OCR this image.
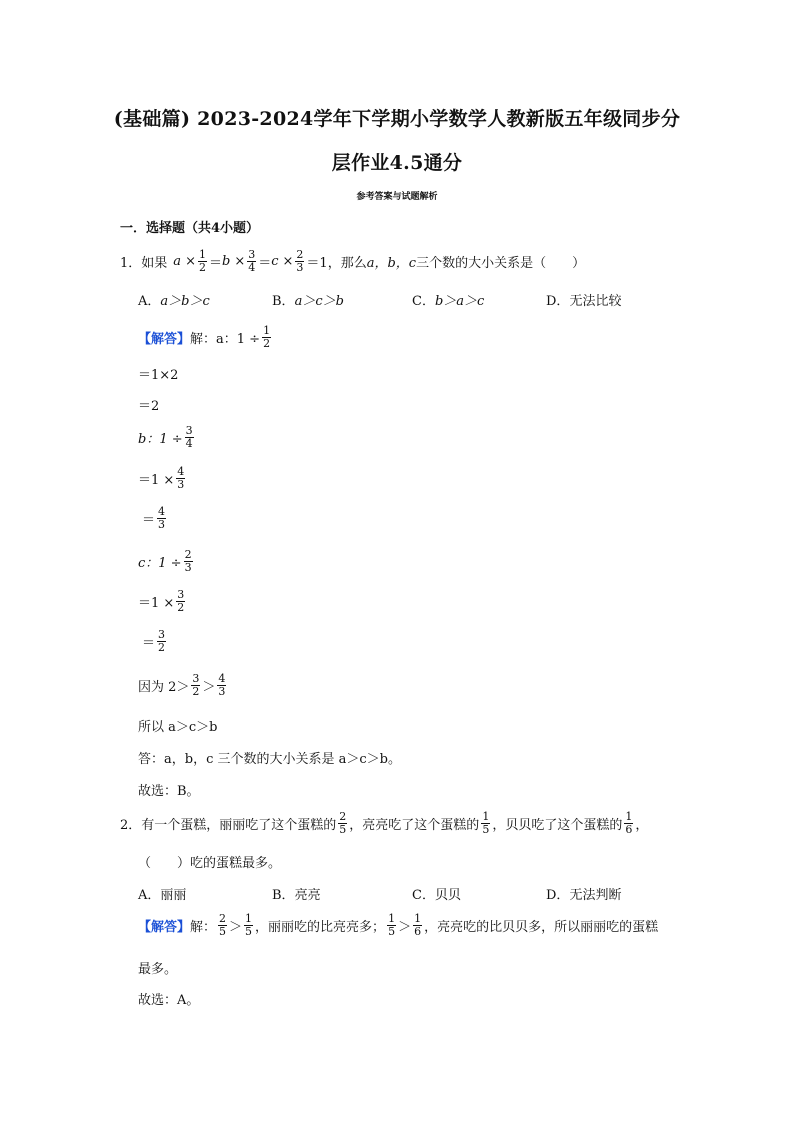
(基础篇) 2023-2024学年下学期小学数学人教新版五年级同步分
层作业4.5通分
参考答案与试题解析
一．选择题（共4小题）
1． 如果 $a \times \frac{1}{2} = b \times \frac{3}{4} = c \times \frac{2}{3} =1$，那么 a，b，c 三个数的大小关系是（　　）
A．a＞b＞c	B．a＞c＞b	C．b＞a＞c	D．无法比较
【解答】 解： a：$1 \div \frac{1}{2}$
＝1×2
＝2
b：$1 \div \frac{3}{4}$
$=1 \times \frac{4}{3}$
＝ $\frac{4}{3}$
c：$1 \div \frac{2}{3}$
$=1 \times \frac{3}{2}$
＝ $\frac{3}{2}$
因为 $2> \frac{3}{2} > \frac{4}{3}$
所以 a＞c＞b
答：a，b，c 三个数的大小关系是 a＞c＞b。
故选：B。
2． 有一个蛋糕，丽丽吃了这个蛋糕的 $\frac{2}{5}$ ，亮亮吃了这个蛋糕的 $\frac{1}{5}$ ，贝贝吃了这个蛋糕的 $\frac{1}{6}$ ，
（　　）吃的蛋糕最多。
A．丽丽	B．亮亮	C．贝贝	D．无法判断
【解答】 解： $\frac{2}{5} > \frac{1}{5}$ ，丽丽吃的比亮亮多； $\frac{1}{5} > \frac{1}{6}$ ，亮亮吃的比贝贝多，所以丽丽吃的蛋糕
最多。
故选：A。
